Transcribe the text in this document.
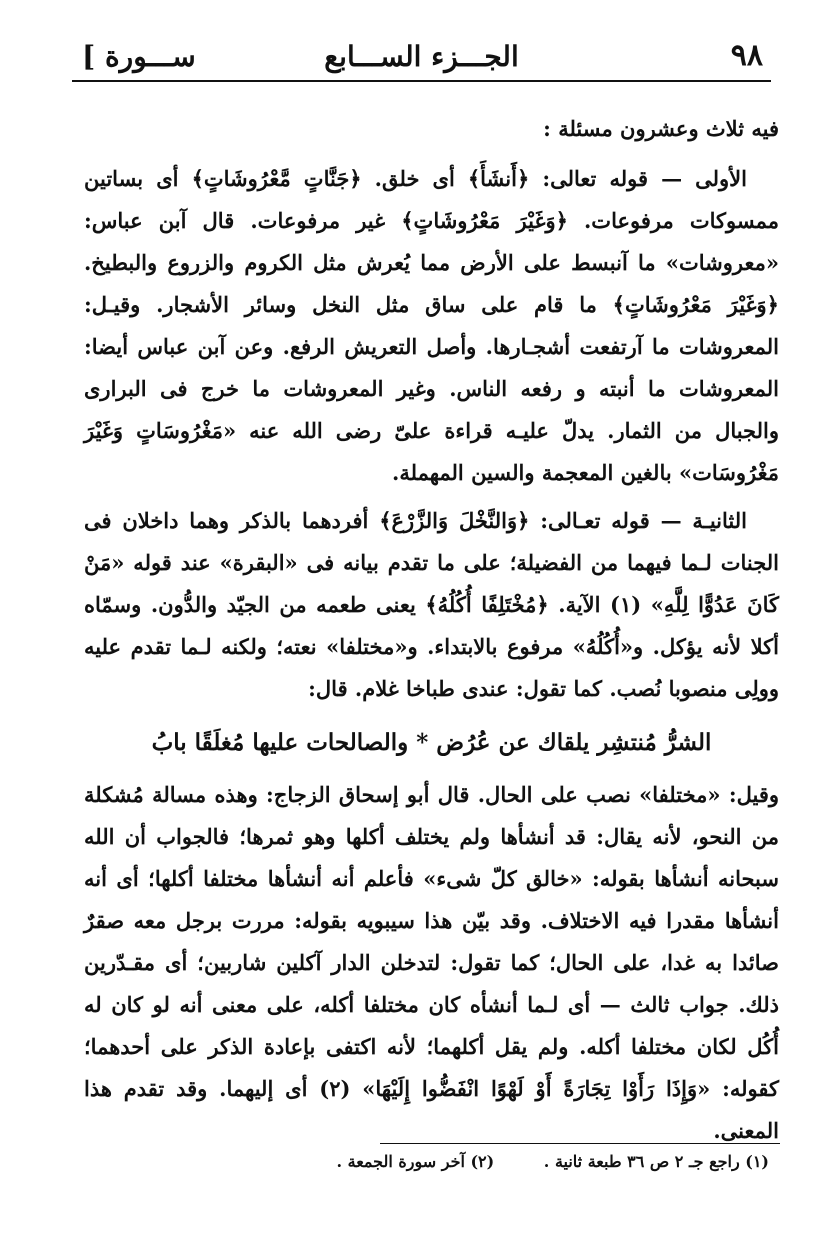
٩٨
الجـــزء الســـابع
ســـورة ]

فيه ثلاث وعشرون مسئلة :

الأولى — قوله تعالى: ﴿أَنشَأَ﴾ أى خلق. ﴿جَنَّاتٍ مَّعْرُوشَاتٍ﴾ أى بساتين ممسوكات مرفوعات. ﴿وَغَيْرَ مَعْرُوشَاتٍ﴾ غير مرفوعات. قال آبن عباس: «معروشات» ما آنبسط على الأرض مما يُعرش مثل الكروم والزروع والبطيخ. ﴿وَغَيْرَ مَعْرُوشَاتٍ﴾ ما قام على ساق مثل النخل وسائر الأشجار. وقيـل: المعروشات ما آرتفعت أشجـارها. وأصل التعريش الرفع. وعن آبن عباس أيضا: المعروشات ما أنبته و رفعه الناس. وغير المعروشات ما خرج فى البرارى والجبال من الثمار. يدلّ عليـه قراءة علىّ رضى الله عنه «مَغْرُوسَاتٍ وَغَيْرَ مَغْرُوسَات» بالغين المعجمة والسين المهملة.

الثانيـة — قوله تعـالى: ﴿وَالنَّخْلَ وَالزَّرْعَ﴾ أفردهما بالذكر وهما داخلان فى الجنات لـما فيهما من الفضيلة؛ على ما تقدم بيانه فى «البقرة» عند قوله «مَنْ كَانَ عَدُوًّا لِلَّهِ» (١) الآية. ﴿مُخْتَلِفًا أُكُلُهُ﴾ يعنى طعمه من الجيّد والدُّون. وسمّاه أكلا لأنه يؤكل. و«أُكُلُهُ» مرفوع بالابتداء. و«مختلفا» نعته؛ ولكنه لـما تقدم عليه وولِى منصوبا نُصب. كما تقول: عندى طباخا غلام. قال:

الشرُّ مُنتشِر يلقاك عن عُرُض * والصالحات عليها مُغلَقًا بابُ

وقيل: «مختلفا» نصب على الحال. قال أبو إسحاق الزجاج: وهذه مسالة مُشكلة من النحو، لأنه يقال: قد أنشأها ولم يختلف أكلها وهو ثمرها؛ فالجواب أن الله سبحانه أنشأها بقوله: «خالق كلّ شىء» فأعلم أنه أنشأها مختلفا أكلها؛ أى أنه أنشأها مقدرا فيه الاختلاف. وقد بيّن هذا سيبويه بقوله: مررت برجل معه صقرٌ صائدا به غدا، على الحال؛ كما تقول: لتدخلن الدار آكلين شاربين؛ أى مقـدّرين ذلك. جواب ثالث — أى لـما أنشأه كان مختلفا أكله، على معنى أنه لو كان له أُكُل لكان مختلفا أكله. ولم يقل أكلهما؛ لأنه اكتفى بإعادة الذكر على أحدهما؛ كقوله: «وَإِذَا رَأَوْا تِجَارَةً أَوْ لَهْوًا انْفَضُّوا إِلَيْهَا» (٢) أى إليهما. وقد تقدم هذا المعنى.

(١) راجع جـ ٢ ص ٣٦ طبعة ثانية . (٢) آخر سورة الجمعة .
